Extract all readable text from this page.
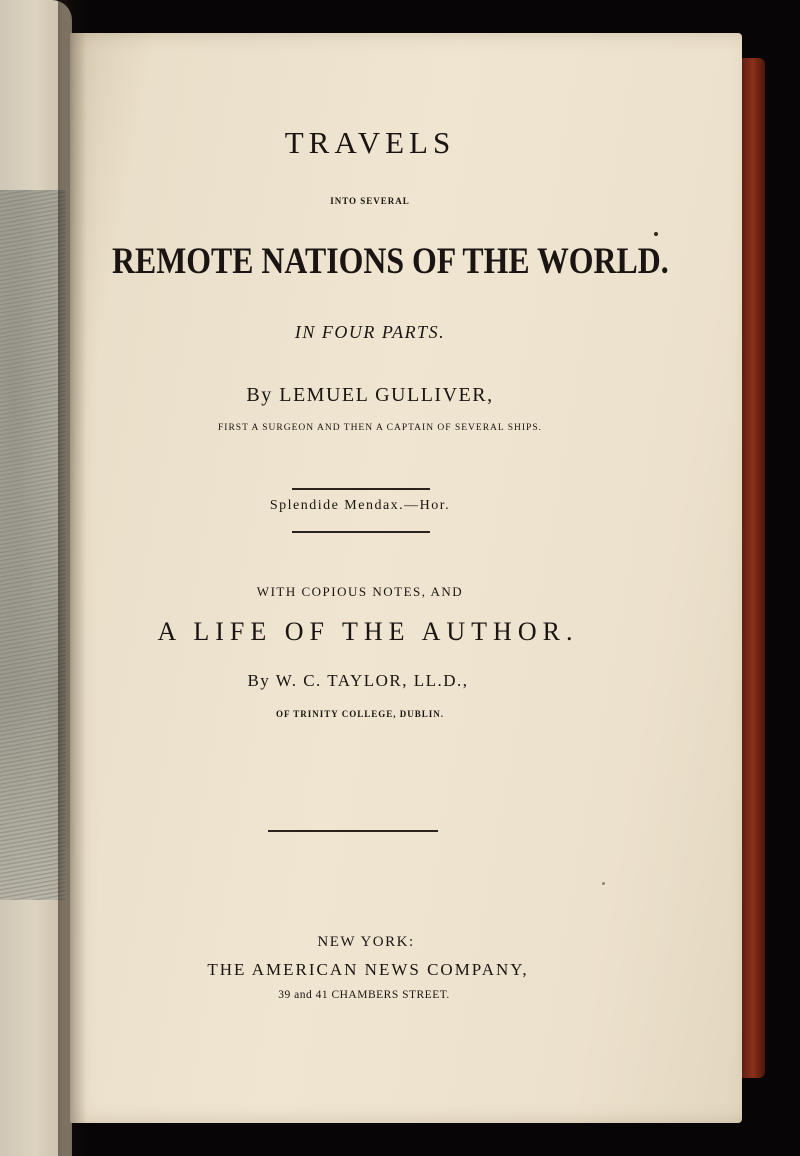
TRAVELS
INTO SEVERAL
REMOTE NATIONS OF THE WORLD.
IN FOUR PARTS.
By LEMUEL GULLIVER,
FIRST A SURGEON AND THEN A CAPTAIN OF SEVERAL SHIPS.
Splendide Mendax.—Hor.
WITH COPIOUS NOTES, AND
A LIFE OF THE AUTHOR.
By W. C. TAYLOR, LL.D.,
OF TRINITY COLLEGE, DUBLIN.
NEW YORK:
THE AMERICAN NEWS COMPANY,
39 and 41 CHAMBERS STREET.
